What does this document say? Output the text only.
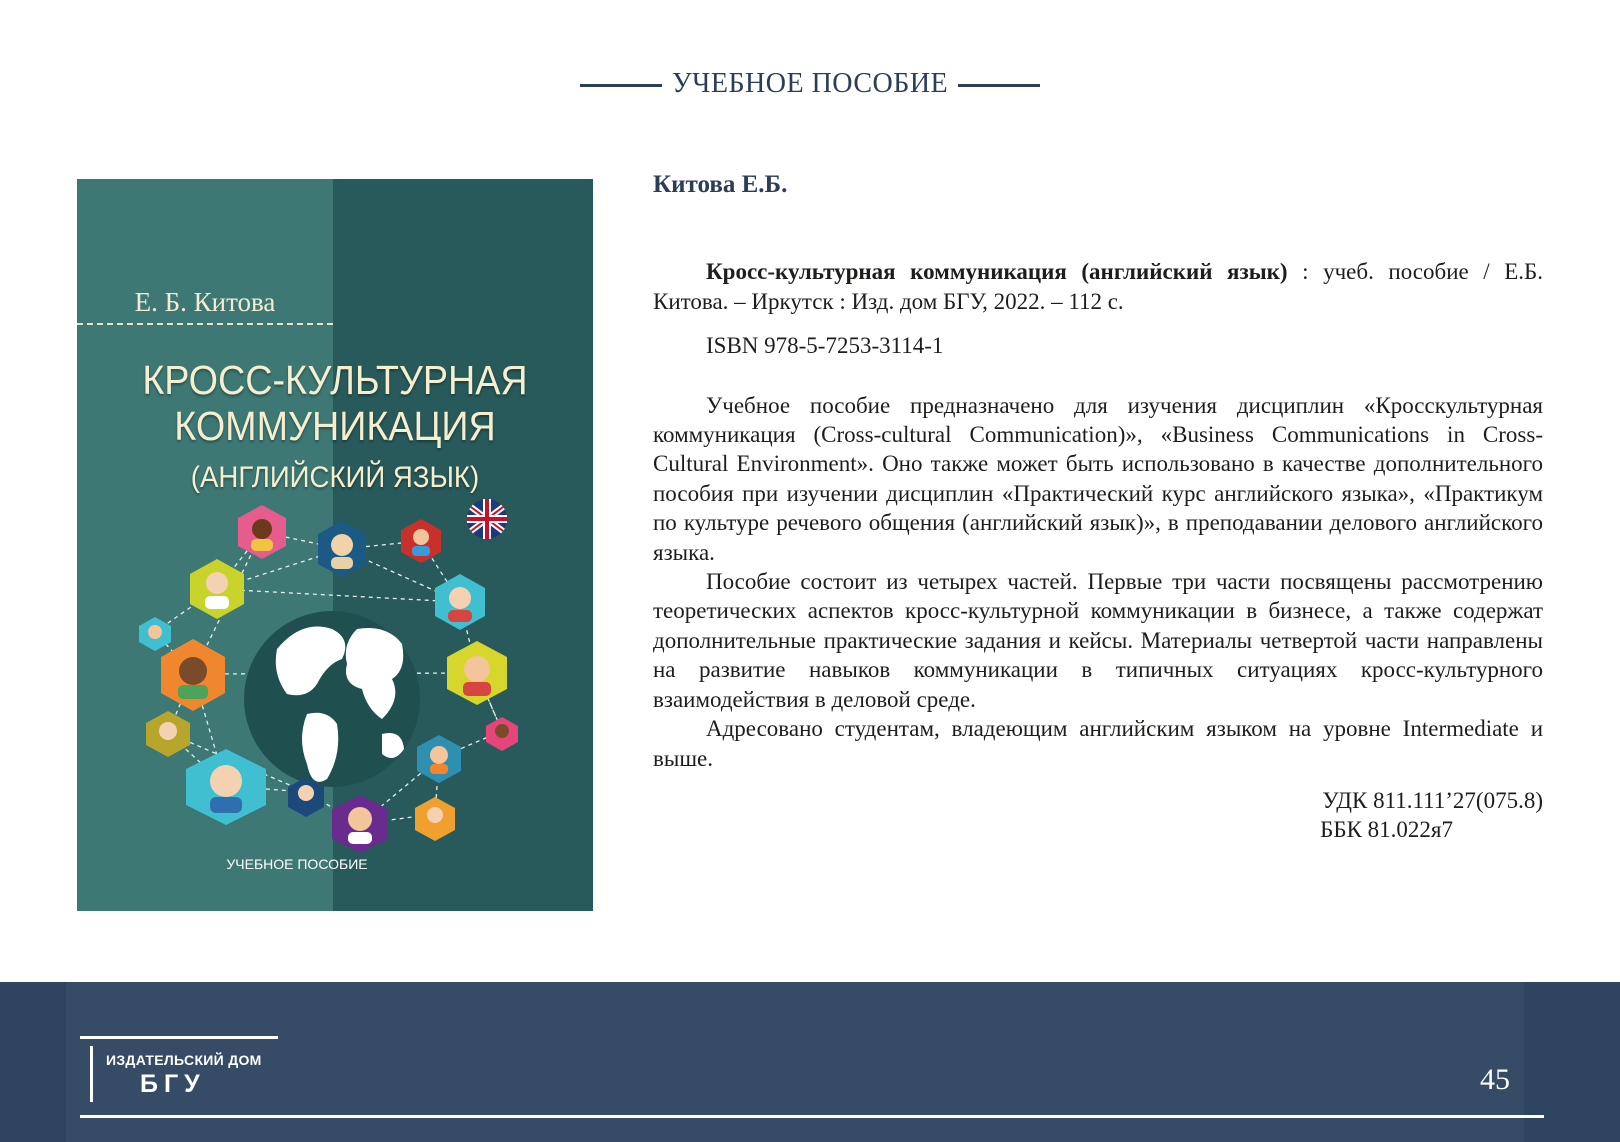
УЧЕБНОЕ ПОСОБИЕ
Е. Б. Китова
КРОСС-КУЛЬТУРНАЯ
КОММУНИКАЦИЯ
(АНГЛИЙСКИЙ ЯЗЫК)
УЧЕБНОЕ ПОСОБИЕ

Китова Е.Б.

Кросс-культурная коммуникация (английский язык) : учеб. пособие / Е.Б. Китова. – Иркутск : Изд. дом БГУ, 2022. – 112 с.

ISBN 978-5-7253-3114-1

Учебное пособие предназначено для изучения дисциплин «Кросскультурная коммуникация (Cross-cultural Communication)», «Business Communications in Cross-Cultural Environment». Оно также может быть использовано в качестве дополнительного пособия при изучении дисциплин «Практический курс английского языка», «Практикум по культуре речевого общения (английский язык)», в преподавании делового английского языка.

Пособие состоит из четырех частей. Первые три части посвящены рассмотрению теоретических аспектов кросс-культурной коммуникации в бизнесе, а также содержат дополнительные практические задания и кейсы. Материалы четвертой части направлены на развитие навыков коммуникации в типичных ситуациях кросс-культурного взаимодействия в деловой среде.

Адресовано студентам, владеющим английским языком на уровне Intermediate и выше.

УДК 811.111’27(075.8)
ББК 81.022я7
ИЗДАТЕЛЬСКИЙ ДОМ
БГУ	45
